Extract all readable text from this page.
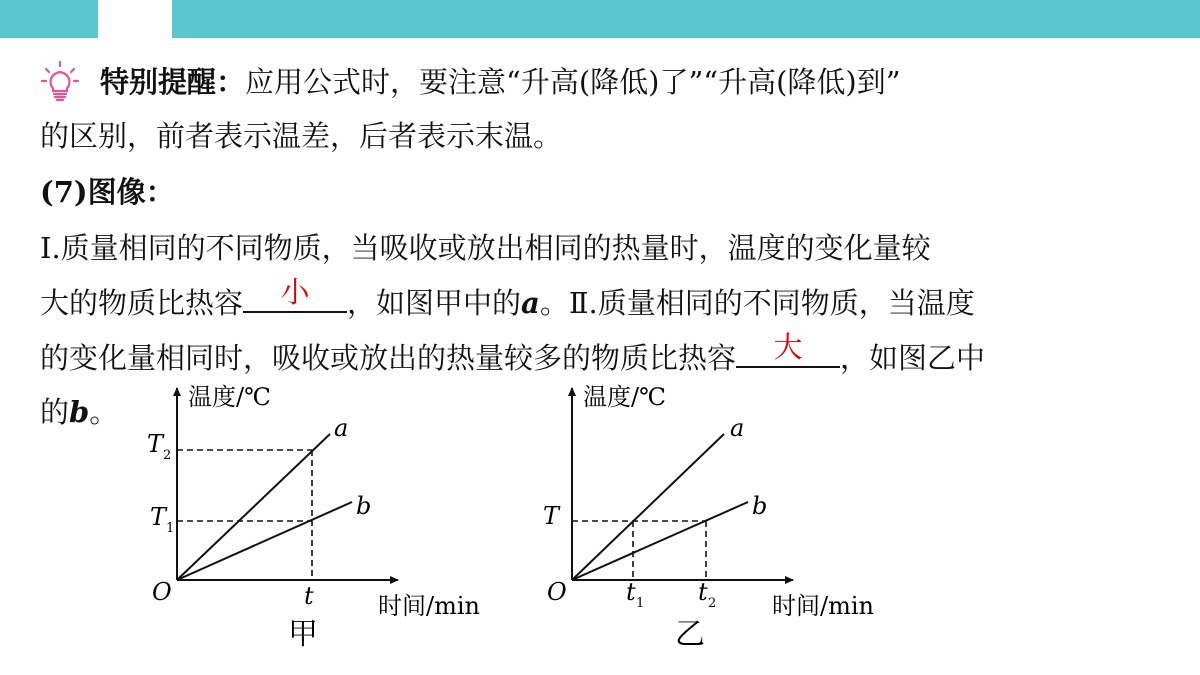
特别提醒：应用公式时，要注意“升高(降低)了”“升高(降低)到”
的区别，前者表示温差，后者表示末温。
(7)图像：
Ⅰ.质量相同的不同物质，当吸收或放出相同的热量时，温度的变化量较
大的物质比热容	小	，如图甲中的a。Ⅱ.质量相同的不同物质，当温度
的变化量相同时，吸收或放出的热量较多的物质比热容	大	，如图乙中
的b。	温度/℃
时间/min
O
a
b
T 2
T 1
t
甲
温度/℃
时间/min
O
a
b
T
t 1 t 2
乙
